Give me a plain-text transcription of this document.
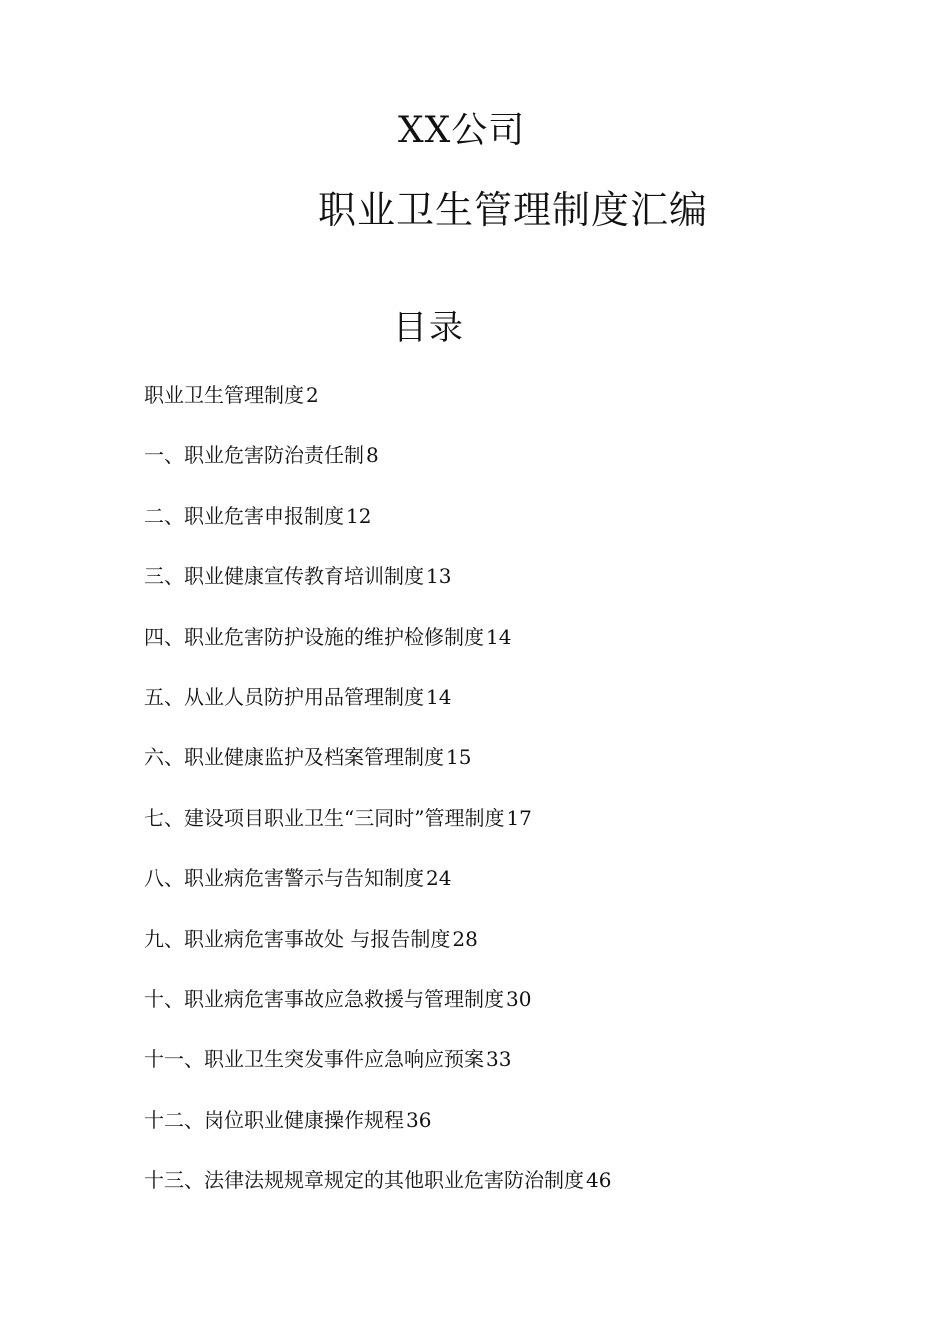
XX公司
职业卫生管理制度汇编
目录
职业卫生管理制度 2
一、职业危害防治责任制 8
二、职业危害申报制度 12
三、职业健康宣传教育培训制度 13
四、职业危害防护设施的维护检修制度 14
五、从业人员防护用品管理制度 14
六、职业健康监护及档案管理制度 15
七、建设项目职业卫生“三同时”管理制度 17
八、职业病危害警示与告知制度 24
九、职业病危害事故处 与报告制度 28
十、职业病危害事故应急救援与管理制度 30
十一、职业卫生突发事件应急响应预案 33
十二、岗位职业健康操作规程 36
十三、法律法规规章规定的其他职业危害防治制度 46
